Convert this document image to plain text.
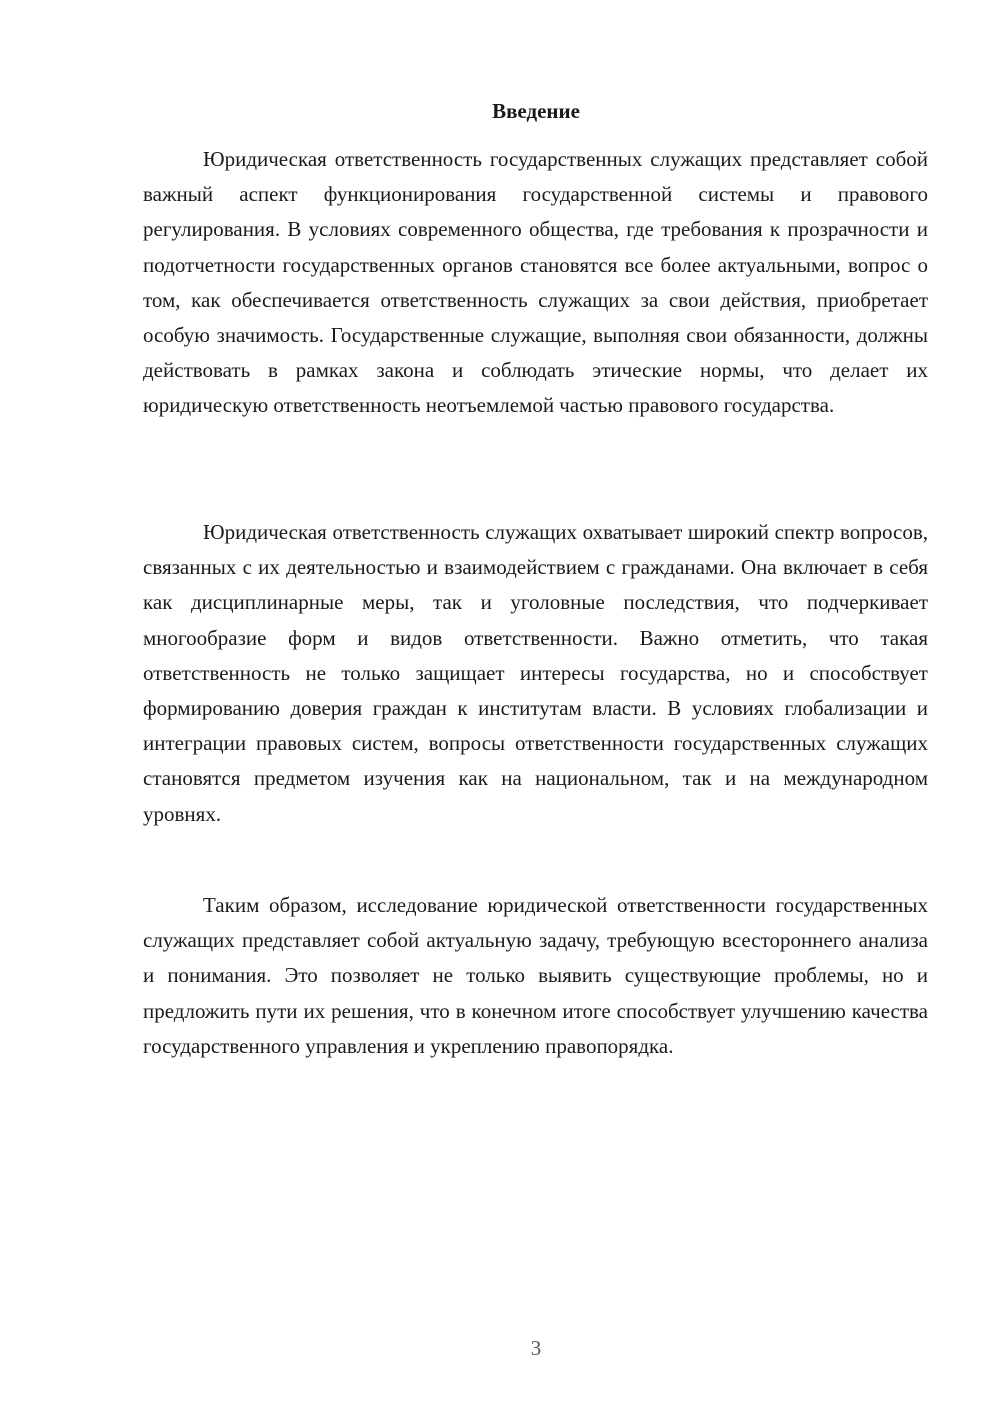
Введение

Юридическая ответственность государственных служащих представляет собой важный аспект функционирования государственной системы и правового регулирования. В условиях современного общества, где требования к прозрачности и подотчетности государственных органов становятся все более актуальными, вопрос о том, как обеспечивается ответственность служащих за свои действия, приобретает особую значимость. Государственные служащие, выполняя свои обязанности, должны действовать в рамках закона и соблюдать этические нормы, что делает их юридическую ответственность неотъемлемой частью правового государства.

Юридическая ответственность служащих охватывает широкий спектр вопросов, связанных с их деятельностью и взаимодействием с гражданами. Она включает в себя как дисциплинарные меры, так и уголовные последствия, что подчеркивает многообразие форм и видов ответственности. Важно отметить, что такая ответственность не только защищает интересы государства, но и способствует формированию доверия граждан к институтам власти. В условиях глобализации и интеграции правовых систем, вопросы ответственности государственных служащих становятся предметом изучения как на национальном, так и на международном уровнях.

Таким образом, исследование юридической ответственности государственных служащих представляет собой актуальную задачу, требующую всестороннего анализа и понимания. Это позволяет не только выявить существующие проблемы, но и предложить пути их решения, что в конечном итоге способствует улучшению качества государственного управления и укреплению правопорядка.

3
